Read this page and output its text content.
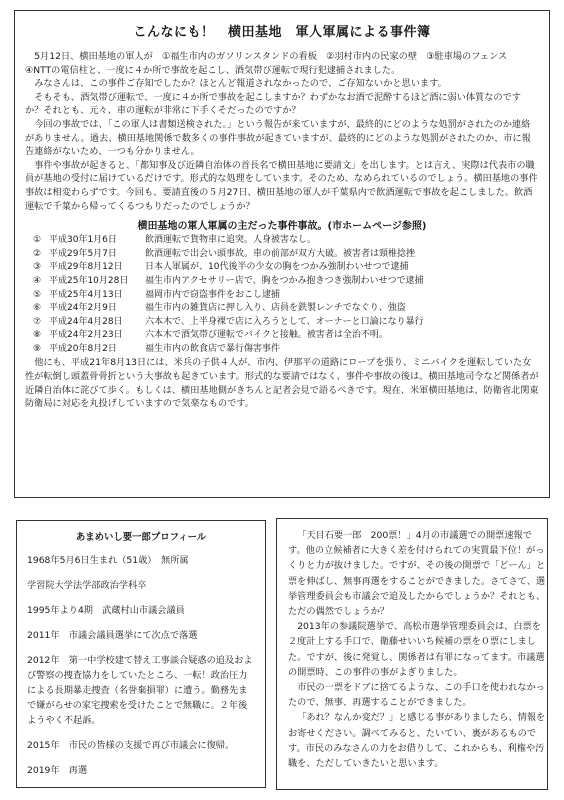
こんなにも！　横田基地　軍人軍属による事件簿

5月12日、横田基地の軍人が　①福生市内のガソリンスタンドの看板　②羽村市内の民家の壁　③駐車場のフェンス　④NTTの電信柱と、一度に４か所で事故を起こし、酒気帯び運転で現行犯逮捕されました。

みなさんは、この事件ご存知でしたか？ほとんど報道されなかったので、ご存知ないかと思います。

そもそも、酒気帯び運転で、一度に４か所で事故を起こしますか？わずかなお酒で泥酔するほど酒に弱い体質なのですか？それとも、元々、車の運転が非常に下手くそだったのですか？

今回の事故では、「この軍人は書類送検された。」という報告が来ていますが、最終的にどのような処罰がされたのか連絡がありません。過去、横田基地関係で数多くの事件事故が起きていますが、最終的にどのような処罰がされたのか、市に報告連絡がないため、一つも分かりません。

事件や事故が起きると、「都知事及び近隣自治体の首長名で横田基地に要請文」を出します。とは言え、実際は代表市の職員が基地の受付に届けているだけです。形式的な処理をしています。そのため、なめられているのでしょう。横田基地の事件事故は相変わらずです。今回も、要請直後の５月27日、横田基地の軍人が千葉県内で飲酒運転で事故を起こしました。飲酒運転で千葉から帰ってくるつもりだったのでしょうか？

横田基地の軍人軍属の主だった事件事故。(市ホームページ参照)
① 平成30年1月6日	飲酒運転で貨物車に追突。人身被害なし。
② 平成29年5月7日	飲酒運転で出会い頭事故。車の前部が双方大破。被害者は頸椎捻挫
③ 平成29年8月12日	日本人軍属が、10代後半の少女の胸をつかみ強制わいせつで逮捕
④ 平成25年10月28日	福生市内アクセサリー店で、胸をつかみ抱きつき強制わいせつで逮捕
⑤ 平成25年4月13日	福岡市内で窃盗事件をおこし逮捕
⑥ 平成24年2月9日	福生市内の雑貨店に押し入り、店員を鉄製レンチでなぐり、強盗
⑦ 平成24年4月28日	六本木で、上半身裸で店に入ろうとして、オーナーと口論になり暴行
⑧ 平成24年2月23日	六本木で酒気帯び運転でバイクと接触。被害者は全治不明。
⑨ 平成20年8月2日	福生市内の飲食店で暴行傷害事件

他にも、平成21年8月13日には、米兵の子供４人が、市内、伊那平の道路にロープを張り、ミニバイクを運転していた女性が転倒し頭蓋骨骨折という大事故も起きています。形式的な要請ではなく、事件や事故の後は、横田基地司令など関係者が近隣自治体に詫びて歩く。もしくは、横田基地側がきちんと記者会見で語るべきです。現在、米軍横田基地は、防衛省北関東防衛局に対応を丸投げしていますので気楽なものです。

あまめいし要一郎プロフィール
1968年5月6日生まれ（51歳）　無所属
学習院大学法学部政治学科卒
1995年より4期　武蔵村山市議会議員
2011年　市議会議員選挙にて次点で落選
2012年　第一中学校建て替え工事談合疑惑の追及および警察の捜査協力をしていたところ、一転！政治圧力による長期暴走捜査（名誉棄損罪）に遭う。勤務先まで嫌がらせの家宅捜索を受けたことで無職に。２年後ようやく不起訴。
2015年　市民の皆様の支援で再び市議会に復帰。
2019年　再選

「天目石要一郎　200票！」4月の市議選での開票速報です。他の立候補者に大きく差を付けられての実質最下位！がっくりと力が抜けました。ですが、その後の開票で「どーん」と票を伸ばし、無事再選をすることができました。さてさて、選挙管理委員会も市議会で追及したからでしょうか？それとも、ただの偶然でしょうか？

2013年の参議院選挙で、高松市選挙管理委員会は、白票を２度計上する手口で、衛藤せいいち候補の票を０票にしました。ですが、後に発覚し、関係者は有罪になってます。市議選の開票時、この事件の事がよぎりました。

市民の一票をドブに捨てるような、この手口を使われなかったので、無事、再選することができました。

「あれ？なんか変だ？」と感じる事がありましたら、情報をお寄せください。調べてみると、たいてい、裏があるものです。市民のみなさんの力をお借りして、これからも、利権や汚職を、ただしていきたいと思います。
